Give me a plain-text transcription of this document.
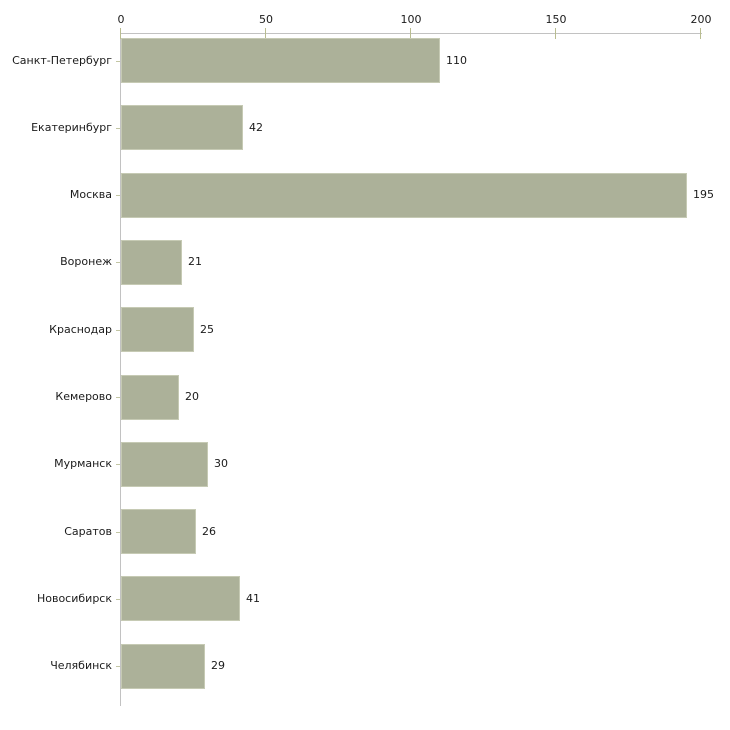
0	50	100	150	200
Санкт-Петербург	110
Екатеринбург	42
Москва	195
Воронеж	21
Краснодар	25
Кемерово	20
Мурманск	30
Саратов	26
Новосибирск	41
Челябинск	29
